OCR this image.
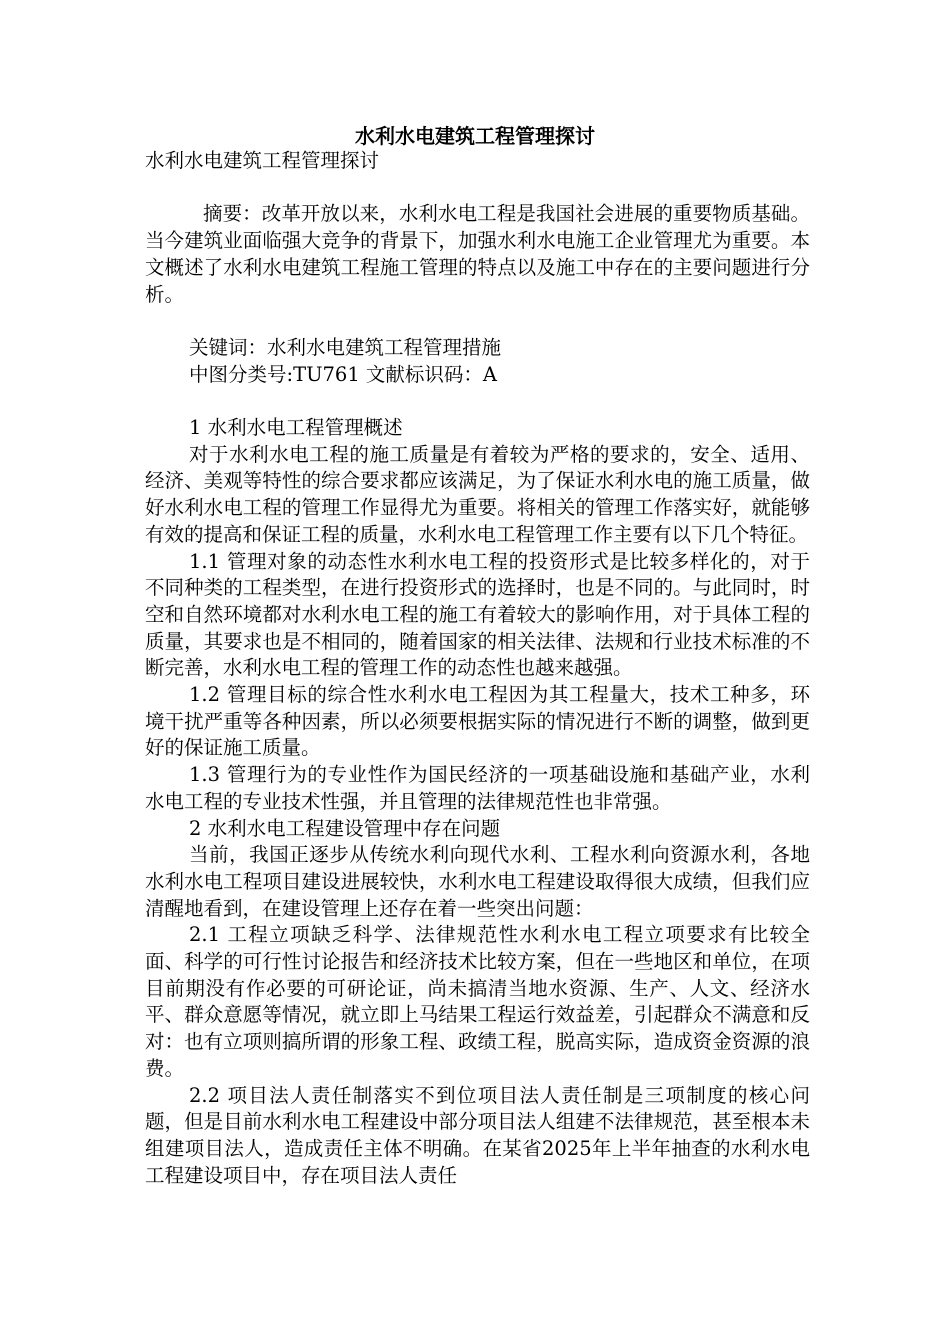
水利水电建筑工程管理探讨

水利水电建筑工程管理探讨

摘要：改革开放以来，水利水电工程是我国社会进展的重要物质基础。当今建筑业面临强大竞争的背景下，加强水利水电施工企业管理尤为重要。本文概述了水利水电建筑工程施工管理的特点以及施工中存在的主要问题进行分析。

关键词：水利水电建筑工程管理措施

中图分类号:TU761 文献标识码：A

1 水利水电工程管理概述

对于水利水电工程的施工质量是有着较为严格的要求的，安全、适用、经济、美观等特性的综合要求都应该满足，为了保证水利水电的施工质量，做好水利水电工程的管理工作显得尤为重要。将相关的管理工作落实好，就能够有效的提高和保证工程的质量，水利水电工程管理工作主要有以下几个特征。

1.1 管理对象的动态性水利水电工程的投资形式是比较多样化的，对于不同种类的工程类型，在进行投资形式的选择时，也是不同的。与此同时，时空和自然环境都对水利水电工程的施工有着较大的影响作用，对于具体工程的质量，其要求也是不相同的，随着国家的相关法律、法规和行业技术标准的不断完善，水利水电工程的管理工作的动态性也越来越强。

1.2 管理目标的综合性水利水电工程因为其工程量大，技术工种多，环境干扰严重等各种因素，所以必须要根据实际的情况进行不断的调整，做到更好的保证施工质量。

1.3 管理行为的专业性作为国民经济的一项基础设施和基础产业，水利水电工程的专业技术性强，并且管理的法律规范性也非常强。

2 水利水电工程建设管理中存在问题

当前，我国正逐步从传统水利向现代水利、工程水利向资源水利，各地水利水电工程项目建设进展较快，水利水电工程建设取得很大成绩，但我们应清醒地看到，在建设管理上还存在着一些突出问题：

2.1 工程立项缺乏科学、法律规范性水利水电工程立项要求有比较全面、科学的可行性讨论报告和经济技术比较方案，但在一些地区和单位，在项目前期没有作必要的可研论证，尚未搞清当地水资源、生产、人文、经济水平、群众意愿等情况，就立即上马结果工程运行效益差，引起群众不满意和反对：也有立项则搞所谓的形象工程、政绩工程，脱高实际，造成资金资源的浪费。

2.2 项目法人责任制落实不到位项目法人责任制是三项制度的核心问题，但是目前水利水电工程建设中部分项目法人组建不法律规范，甚至根本未组建项目法人，造成责任主体不明确。在某省2025年上半年抽查的水利水电工程建设项目中，存在项目法人责任
